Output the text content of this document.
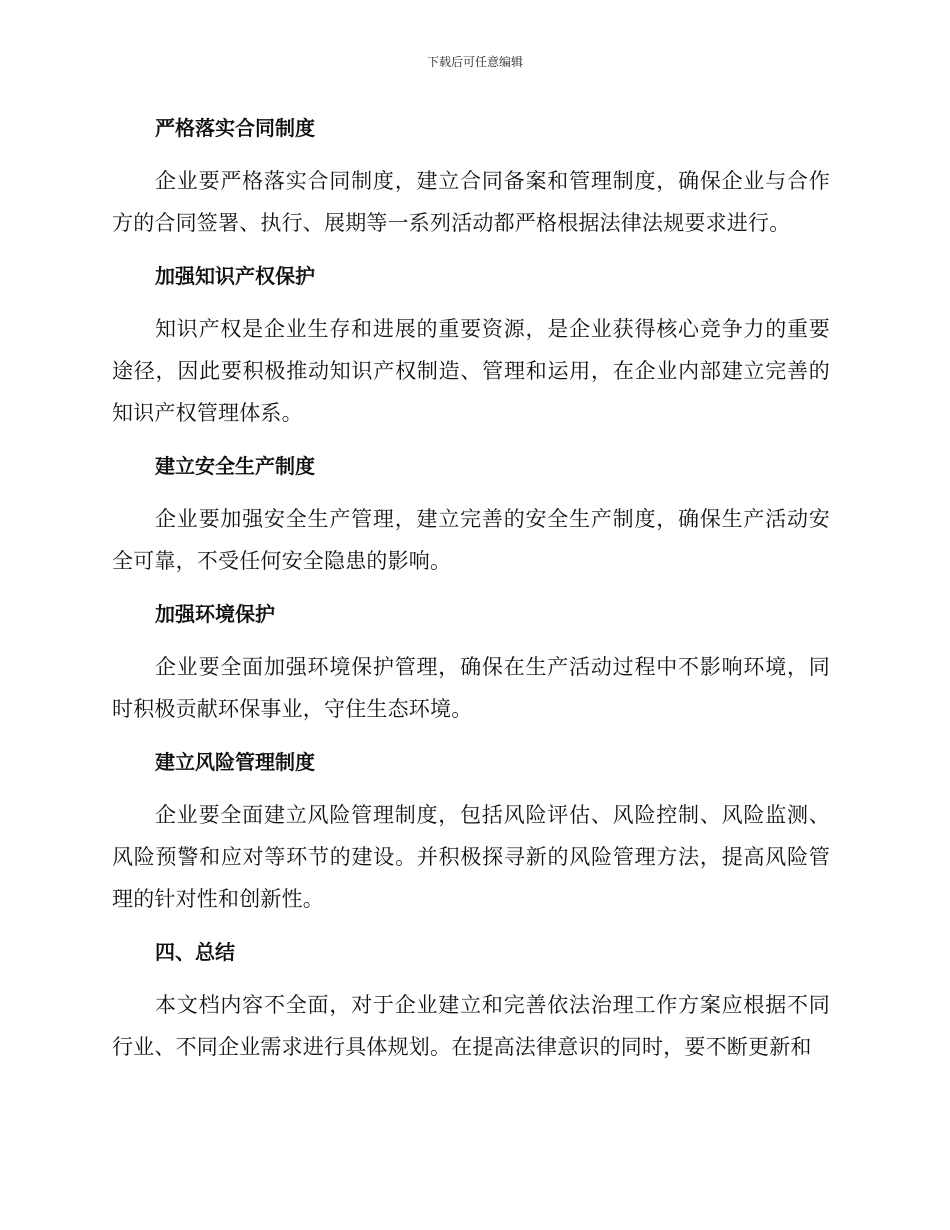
下载后可任意编辑
严格落实合同制度

企业要严格落实合同制度，建立合同备案和管理制度，确保企业与合作方的合同签署、执行、展期等一系列活动都严格根据法律法规要求进行。

加强知识产权保护

知识产权是企业生存和进展的重要资源，是企业获得核心竞争力的重要途径，因此要积极推动知识产权制造、管理和运用，在企业内部建立完善的知识产权管理体系。

建立安全生产制度

企业要加强安全生产管理，建立完善的安全生产制度，确保生产活动安全可靠，不受任何安全隐患的影响。

加强环境保护

企业要全面加强环境保护管理，确保在生产活动过程中不影响环境，同时积极贡献环保事业，守住生态环境。

建立风险管理制度

企业要全面建立风险管理制度，包括风险评估、风险控制、风险监测、风险预警和应对等环节的建设。并积极探寻新的风险管理方法，提高风险管理的针对性和创新性。

四、总结

本文档内容不全面，对于企业建立和完善依法治理工作方案应根据不同行业、不同企业需求进行具体规划。在提高法律意识的同时，要不断更新和
